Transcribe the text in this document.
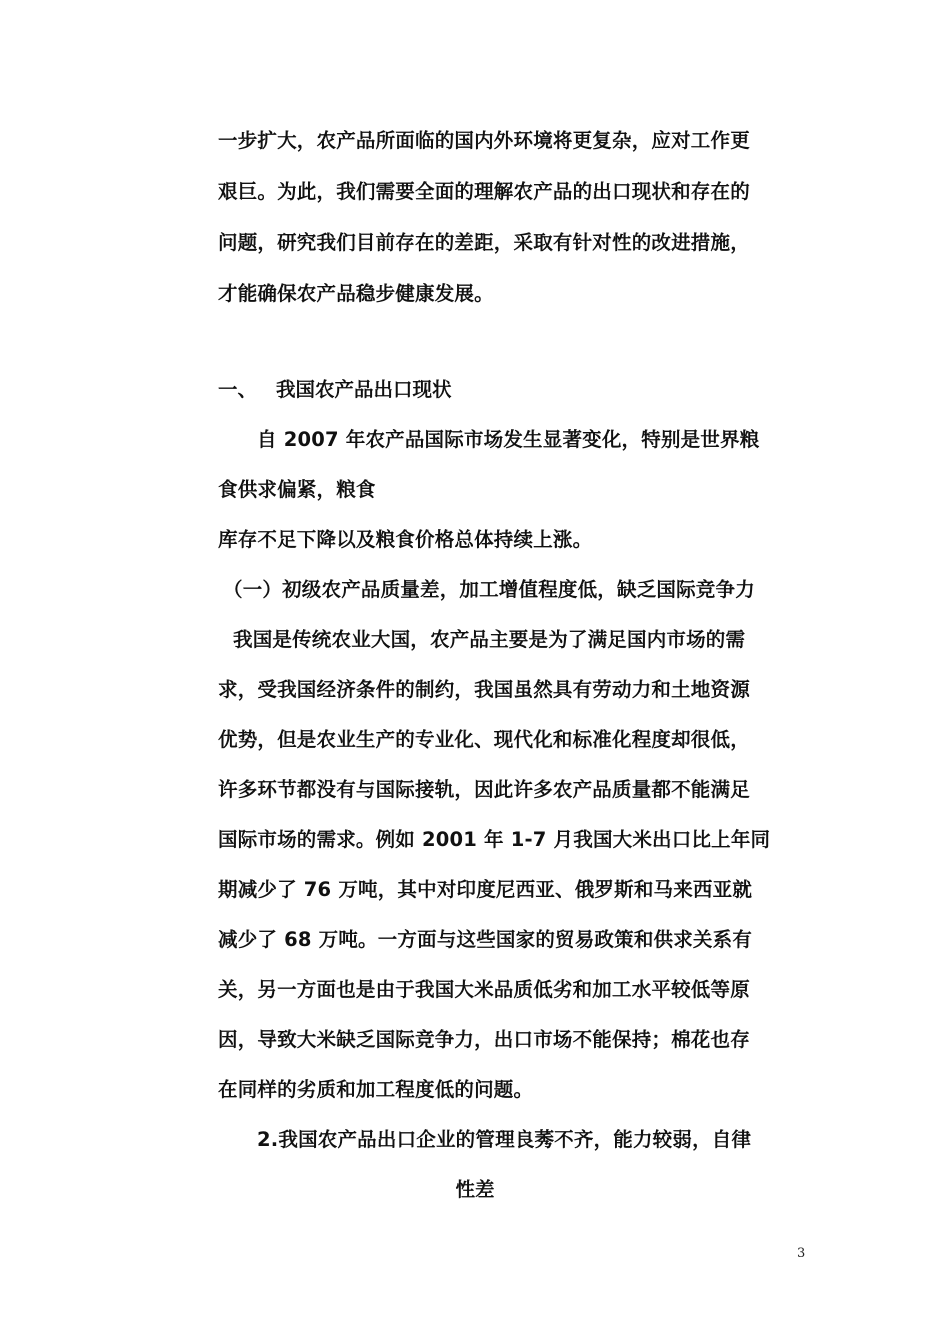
一步扩大，农产品所面临的国内外环境将更复杂，应对工作更
艰巨。为此，我们需要全面的理解农产品的出口现状和存在的
问题，研究我们目前存在的差距，采取有针对性的改进措施，
才能确保农产品稳步健康发展。
一、 我国农产品出口现状
自 2007 年农产品国际市场发生显著变化，特别是世界粮
食供求偏紧，粮食
库存不足下降以及粮食价格总体持续上涨。
（一）初级农产品质量差，加工增值程度低，缺乏国际竞争力
我国是传统农业大国，农产品主要是为了满足国内市场的需
求，受我国经济条件的制约，我国虽然具有劳动力和土地资源
优势，但是农业生产的专业化、现代化和标准化程度却很低，
许多环节都没有与国际接轨，因此许多农产品质量都不能满足
国际市场的需求。例如 2001 年 1-7 月我国大米出口比上年同
期减少了 76 万吨，其中对印度尼西亚、俄罗斯和马来西亚就
减少了 68 万吨。一方面与这些国家的贸易政策和供求关系有
关，另一方面也是由于我国大米品质低劣和加工水平较低等原
因，导致大米缺乏国际竞争力，出口市场不能保持；棉花也存
在同样的劣质和加工程度低的问题。
2.我国农产品出口企业的管理良莠不齐，能力较弱，自律
性差
3
